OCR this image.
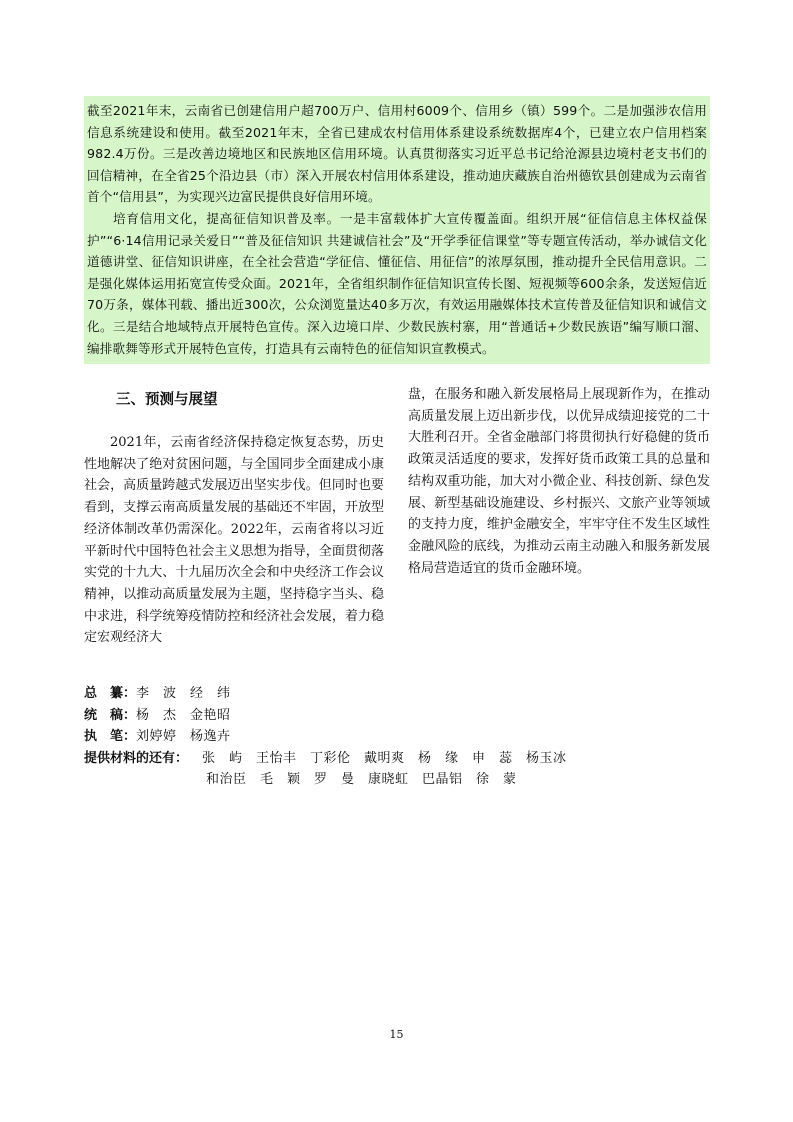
截至2021年末，云南省已创建信用户超700万户、信用村6009个、信用乡（镇）599个。二是加强涉农信用信息系统建设和使用。截至2021年末，全省已建成农村信用体系建设系统数据库4个，已建立农户信用档案982.4万份。三是改善边境地区和民族地区信用环境。认真贯彻落实习近平总书记给沧源县边境村老支书们的回信精神，在全省25个沿边县（市）深入开展农村信用体系建设，推动迪庆藏族自治州德钦县创建成为云南省首个“信用县”，为实现兴边富民提供良好信用环境。

培育信用文化，提高征信知识普及率。一是丰富载体扩大宣传覆盖面。组织开展“征信信息主体权益保护”“6·14信用记录关爱日”“普及征信知识 共建诚信社会”及“开学季征信课堂”等专题宣传活动，举办诚信文化道德讲堂、征信知识讲座，在全社会营造“学征信、懂征信、用征信”的浓厚氛围，推动提升全民信用意识。二是强化媒体运用拓宽宣传受众面。2021年，全省组织制作征信知识宣传长图、短视频等600余条，发送短信近70万条，媒体刊载、播出近300次，公众浏览量达40多万次，有效运用融媒体技术宣传普及征信知识和诚信文化。三是结合地域特点开展特色宣传。深入边境口岸、少数民族村寨，用“普通话+少数民族语”编写顺口溜、编排歌舞等形式开展特色宣传，打造具有云南特色的征信知识宣教模式。

三、预测与展望

2021年，云南省经济保持稳定恢复态势，历史性地解决了绝对贫困问题，与全国同步全面建成小康社会，高质量跨越式发展迈出坚实步伐。但同时也要看到，支撑云南高质量发展的基础还不牢固，开放型经济体制改革仍需深化。2022年，云南省将以习近平新时代中国特色社会主义思想为指导，全面贯彻落实党的十九大、十九届历次全会和中央经济工作会议精神，以推动高质量发展为主题，坚持稳字当头、稳中求进，科学统筹疫情防控和经济社会发展，着力稳定宏观经济大

盘，在服务和融入新发展格局上展现新作为，在推动高质量发展上迈出新步伐，以优异成绩迎接党的二十大胜利召开。全省金融部门将贯彻执行好稳健的货币政策灵活适度的要求，发挥好货币政策工具的总量和结构双重功能，加大对小微企业、科技创新、绿色发展、新型基础设施建设、乡村振兴、文旅产业等领域的支持力度，维护金融安全，牢牢守住不发生区域性金融风险的底线，为推动云南主动融入和服务新发展格局营造适宜的货币金融环境。

总　纂： 李　波　经　纬
统　稿： 杨　杰　金艳昭
执　笔： 刘婷婷　杨逸卉
提供材料的还有：	张　屿　王怡丰　丁彩伦　戴明爽　杨　缘　申　蕊　杨玉冰
和治臣　毛　颖　罗　曼　康晓虹　巴晶铝　徐　蒙
15
